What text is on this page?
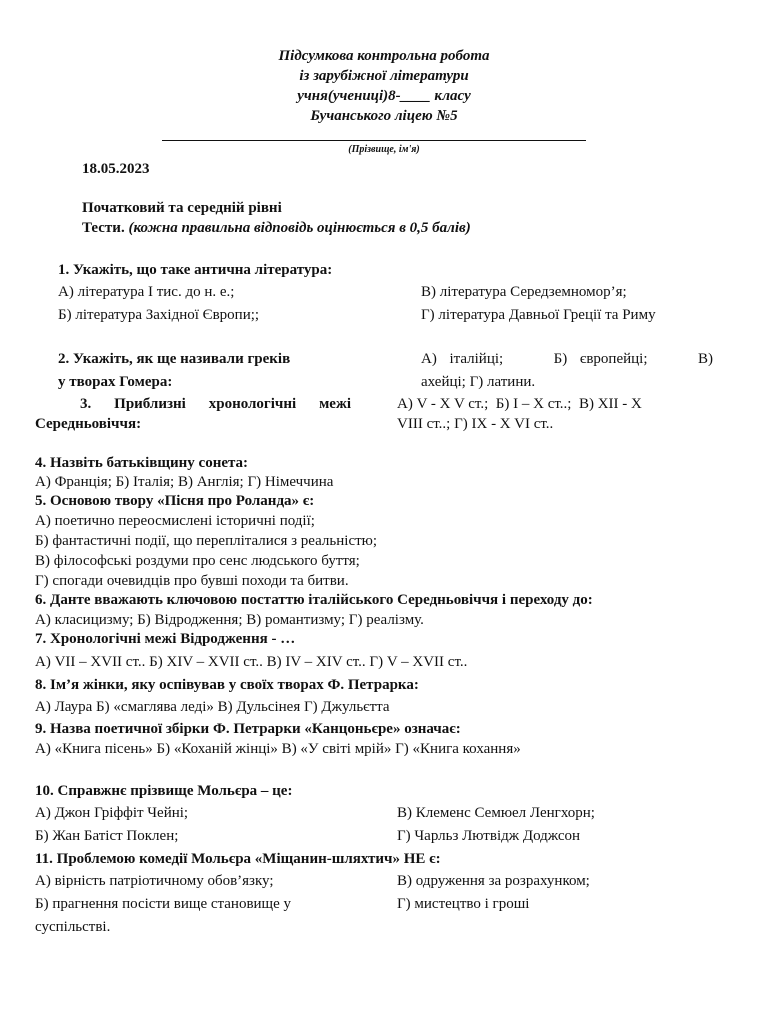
Підсумкова контрольна робота
із зарубіжної літератури
учня(учениці)8-____ класу
Бучанського ліцею №5
(Прізвище, ім'я)
18.05.2023
Початковий та середній рівні
Тести. (кожна правильна відповідь оцінюється в 0,5 балів)
1. Укажіть, що таке антична література:
А) література І тис. до н. е.;	В) література Середземномор’я;
Б) література Західної Європи;;	Г) література Давньої Греції та Риму
2. Укажіть, як ще називали греків
у творах Гомера:
А) італійці;    Б) європейці;    В)
ахейці; Г) латини.
3. Приблизні хронологічні межі
Середньовіччя:
А) V - X V ст.;  Б) I – X ст..;  В) XII - X
VIII ст..; Г) IX - X VI ст..
4. Назвіть батьківщину сонета:
А) Франція; Б) Італія; В) Англія; Г) Німеччина
5. Основою твору «Пісня про Роланда» є:
А) поетично переосмислені історичні події;
Б) фантастичні події, що перепліталися з реальністю;
В) філософські роздуми про сенс людського буття;
Г) спогади очевидців про бувші походи та битви.
6. Данте вважають ключовою постаттю італійського Середньовіччя і переходу до:
А) класицизму; Б) Відродження; В) романтизму; Г) реалізму.
7. Хронологічні межі Відродження - …
А) VII – XVII ст.. Б) XIV – XVII ст.. В) IV – XIV ст.. Г) V – XVII ст..
8. Ім’я жінки, яку оспівував у своїх творах Ф. Петрарка:
А) Лаура Б) «смаглява леді» В) Дульсінея Г) Джульєтта
9. Назва поетичної збірки Ф. Петрарки «Канцоньєре» означає:
А) «Книга пісень» Б) «Коханій жінці» В) «У світі мрій» Г) «Книга кохання»
10. Справжнє прізвище Мольєра – це:
А) Джон Гріффіт Чейні;	В) Клеменс Семюел Ленгхорн;
Б) Жан Батіст Поклен;	Г) Чарльз Лютвідж Доджсон
11. Проблемою комедії Мольєра «Міщанин-шляхтич» НЕ є:
А) вірність патріотичному обов’язку;	В) одруження за розрахунком;
Б) прагнення посісти вище становище у
суспільстві.
Г) мистецтво і гроші
